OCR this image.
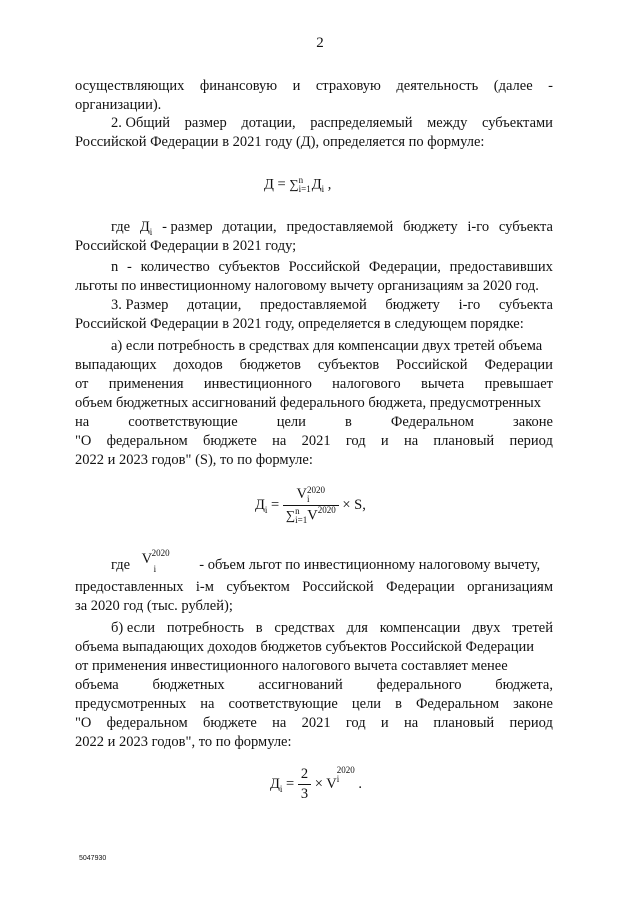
2
осуществляющих финансовую и страховую деятельность (далее -
организации).
2. Общий размер дотации, распределяемый между субъектами
Российской Федерации в 2021 году (Д), определяется по формуле:
Д = ∑ n
i=1 $Д_i$ ,
где $Д_i$ - размер дотации, предоставляемой бюджету i-го субъекта
Российской Федерации в 2021 году;
n - количество субъектов Российской Федерации, предоставивших
льготы по инвестиционному налоговому вычету организациям за 2020 год.
3. Размер дотации, предоставляемой бюджету i-го субъекта
Российской Федерации в 2021 году, определяется в следующем порядке:
а) если потребность в средствах для компенсации двух третей объема
выпадающих доходов бюджетов субъектов Российской Федерации
от применения инвестиционного налогового вычета превышает
объем бюджетных ассигнований федерального бюджета, предусмотренных
на	соответствующие	цели	в	Федеральном	законе
"О федеральном бюджете на 2021 год и на плановый период
2022 и 2023 годов" (S), то по формуле:
$Д_i = V$ 2020
i
∑ n
i=1 $V^{2020} \times S$,
где V 2020
i	- объем льгот по инвестиционному налоговому вычету,
предоставленных i-м субъектом Российской Федерации организациям
за 2020 год (тыс. рублей);
б) если потребность в средствах для компенсации двух третей
объема выпадающих доходов бюджетов субъектов Российской Федерации
от применения инвестиционного налогового вычета составляет менее
объема бюджетных ассигнований федерального бюджета,
предусмотренных на соответствующие цели в Федеральном законе
"О федеральном бюджете на 2021 год и на плановый период
2022 и 2023 годов", то по формуле:
$Д_i = \frac{2}{3} \times V$
2020
i	.
5047930
